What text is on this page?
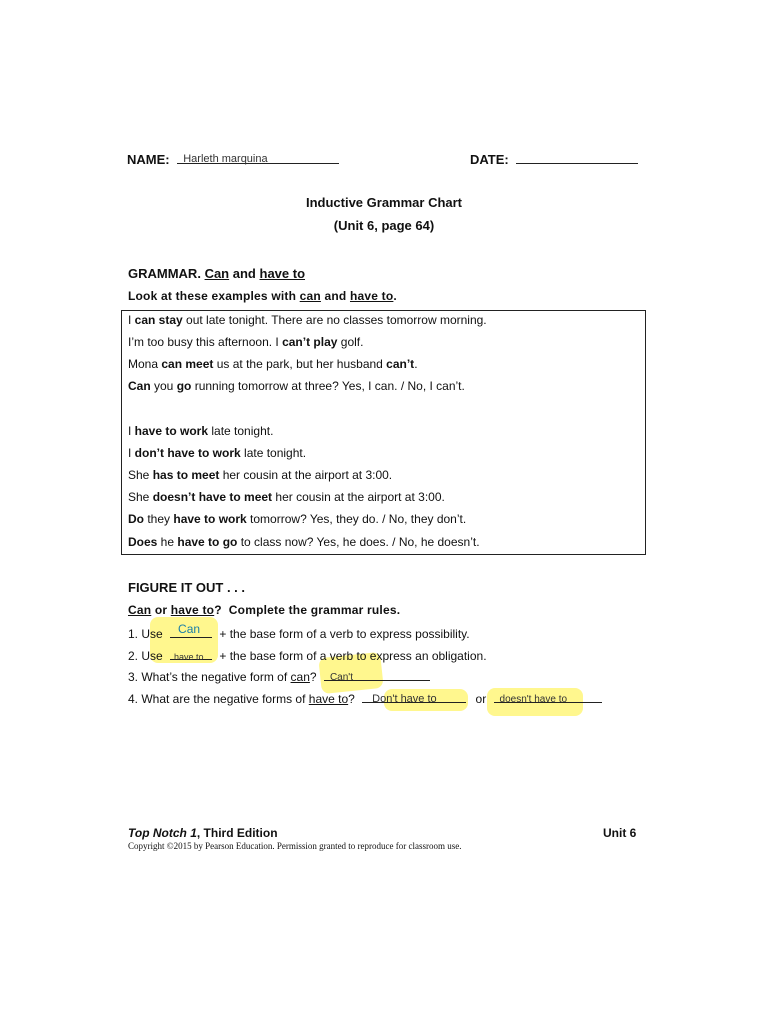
NAME: Harleth marquina	DATE:
Inductive Grammar Chart
(Unit 6, page 64)
GRAMMAR. Can and have to
Look at these examples with can and have to.
I can stay out late tonight. There are no classes tomorrow morning.
I’m too busy this afternoon. I can’t play golf.
Mona can meet us at the park, but her husband can’t.
Can you go running tomorrow at three? Yes, I can. / No, I can’t.
I have to work late tonight.
I don’t have to work late tonight.
She has to meet her cousin at the airport at 3:00.
She doesn’t have to meet her cousin at the airport at 3:00.
Do they have to work tomorrow? Yes, they do. / No, they don’t.
Does he have to go to class now? Yes, he does. / No, he doesn’t.
FIGURE IT OUT . . .
Can or have to?  Complete the grammar rules.
1. Use Can + the base form of a verb to express possibility.
2. Use have to + the base form of a verb to express an obligation.
3. What’s the negative form of can? Can't
4. What are the negative forms of have to? Don't have to	or doesn't have to
Top Notch 1, Third Edition	Unit 6
Copyright ©2015 by Pearson Education. Permission granted to reproduce for classroom use.
